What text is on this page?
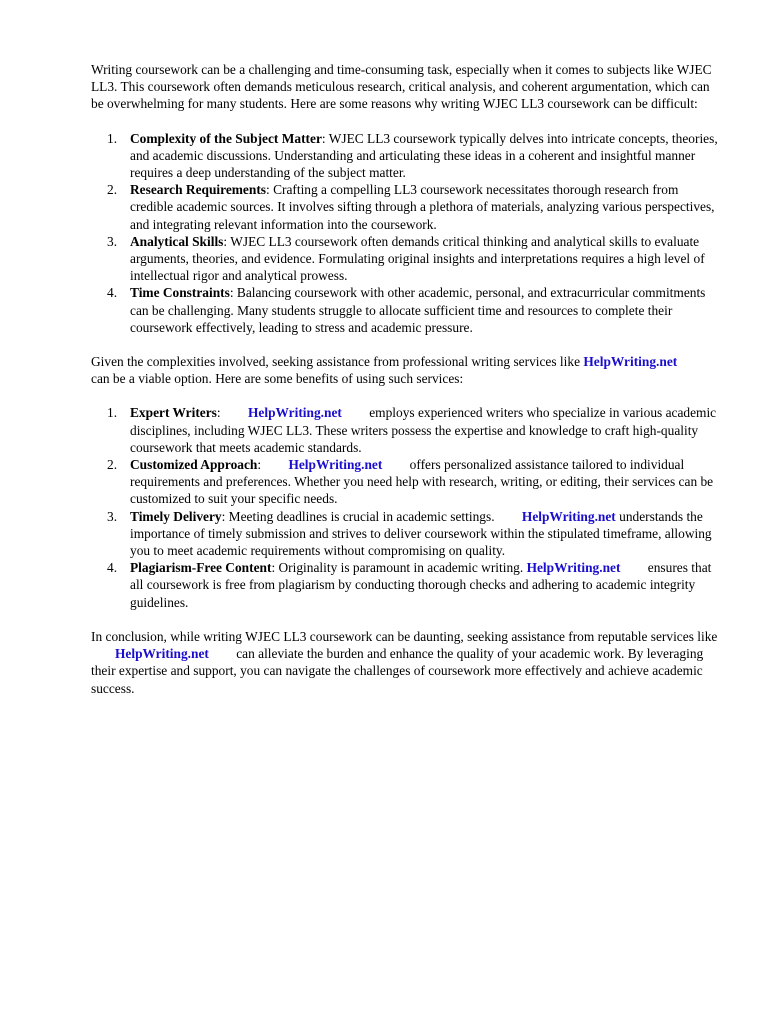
Writing coursework can be a challenging and time-consuming task, especially when it comes to subjects like WJEC LL3. This coursework often demands meticulous research, critical analysis, and coherent argumentation, which can be overwhelming for many students. Here are some reasons why writing WJEC LL3 coursework can be difficult:

1. Complexity of the Subject Matter: WJEC LL3 coursework typically delves into intricate concepts, theories, and academic discussions. Understanding and articulating these ideas in a coherent and insightful manner requires a deep understanding of the subject matter.
2. Research Requirements: Crafting a compelling LL3 coursework necessitates thorough research from credible academic sources. It involves sifting through a plethora of materials, analyzing various perspectives, and integrating relevant information into the coursework.
3. Analytical Skills: WJEC LL3 coursework often demands critical thinking and analytical skills to evaluate arguments, theories, and evidence. Formulating original insights and interpretations requires a high level of intellectual rigor and analytical prowess.
4. Time Constraints: Balancing coursework with other academic, personal, and extracurricular commitments can be challenging. Many students struggle to allocate sufficient time and resources to complete their coursework effectively, leading to stress and academic pressure.

Given the complexities involved, seeking assistance from professional writing services like HelpWriting.net can be a viable option. Here are some benefits of using such services:

1. Expert Writers: HelpWriting.net employs experienced writers who specialize in various academic disciplines, including WJEC LL3. These writers possess the expertise and knowledge to craft high-quality coursework that meets academic standards.
2. Customized Approach: HelpWriting.net offers personalized assistance tailored to individual requirements and preferences. Whether you need help with research, writing, or editing, their services can be customized to suit your specific needs.
3. Timely Delivery: Meeting deadlines is crucial in academic settings. HelpWriting.net understands the importance of timely submission and strives to deliver coursework within the stipulated timeframe, allowing you to meet academic requirements without compromising on quality.
4. Plagiarism-Free Content: Originality is paramount in academic writing. HelpWriting.net ensures that all coursework is free from plagiarism by conducting thorough checks and adhering to academic integrity guidelines.

In conclusion, while writing WJEC LL3 coursework can be daunting, seeking assistance from reputable services like HelpWriting.net can alleviate the burden and enhance the quality of your academic work. By leveraging their expertise and support, you can navigate the challenges of coursework more effectively and achieve academic success.
